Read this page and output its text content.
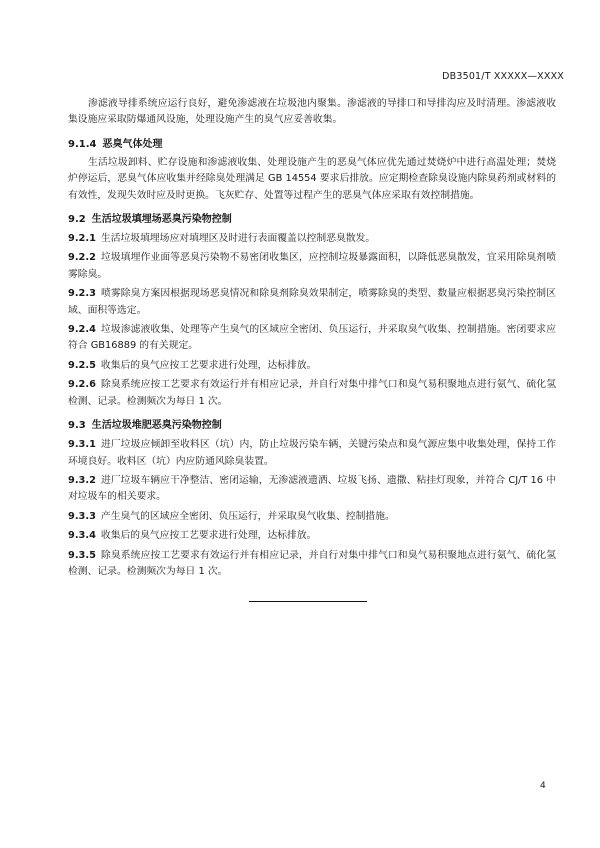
DB3501/T XXXXX—XXXX

渗滤液导排系统应运行良好，避免渗滤液在垃圾池内聚集。渗滤液的导排口和导排沟应及时清理。渗滤液收集设施应采取防爆通风设施，处理设施产生的臭气应妥善收集。

9.1.4 恶臭气体处理

生活垃圾卸料、贮存设施和渗滤液收集、处理设施产生的恶臭气体应优先通过焚烧炉中进行高温处理；焚烧炉停运后，恶臭气体应收集并经除臭处理满足 GB 14554 要求后排放。应定期检查除臭设施内除臭药剂或材料的有效性，发现失效时应及时更换。飞灰贮存、处置等过程产生的恶臭气体应采取有效控制措施。

9.2 生活垃圾填埋场恶臭污染物控制
9.2.1 生活垃圾填埋场应对填埋区及时进行表面覆盖以控制恶臭散发。
9.2.2 垃圾填埋作业面等恶臭污染物不易密闭收集区，应控制垃圾暴露面积，以降低恶臭散发，宜采用除臭剂喷雾除臭。
9.2.3 喷雾除臭方案因根据现场恶臭情况和除臭剂除臭效果制定，喷雾除臭的类型、数量应根据恶臭污染控制区域、面积等选定。
9.2.4 垃圾渗滤液收集、处理等产生臭气的区域应全密闭、负压运行，并采取臭气收集、控制措施。密闭要求应符合 GB16889 的有关规定。
9.2.5 收集后的臭气应按工艺要求进行处理，达标排放。
9.2.6 除臭系统应按工艺要求有效运行并有相应记录，并自行对集中排气口和臭气易积聚地点进行氨气、硫化氢检测、记录。检测频次为每日 1 次。
9.3 生活垃圾堆肥恶臭污染物控制
9.3.1 进厂垃圾应倾卸至收料区（坑）内，防止垃圾污染车辆，关键污染点和臭气源应集中收集处理，保持工作环境良好。收料区（坑）内应防通风除臭装置。
9.3.2 进厂垃圾车辆应干净整洁、密闭运输，无渗滤液遗洒、垃圾飞扬、遗撒、粘挂灯现象，并符合 CJ/T 16 中对垃圾车的相关要求。
9.3.3 产生臭气的区域应全密闭、负压运行，并采取臭气收集、控制措施。
9.3.4 收集后的臭气应按工艺要求进行处理，达标排放。
9.3.5 除臭系统应按工艺要求有效运行并有相应记录，并自行对集中排气口和臭气易积聚地点进行氨气、硫化氢检测、记录。检测频次为每日 1 次。
4
